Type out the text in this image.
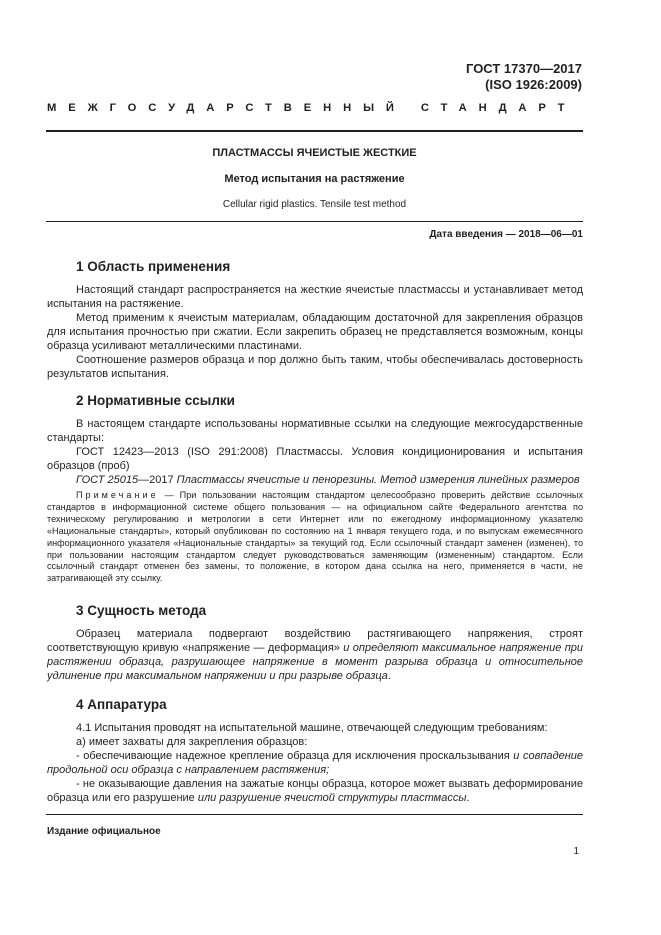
ГОСТ 17370—2017
(ISO 1926:2009)
МЕЖГОСУДАРСТВЕННЫЙ СТАНДАРТ
ПЛАСТМАССЫ ЯЧЕИСТЫЕ ЖЕСТКИЕ
Метод испытания на растяжение
Cellular rigid plastics. Tensile test method
Дата введения — 2018—06—01
1 Область применения

Настоящий стандарт распространяется на жесткие ячеистые пластмассы и устанавливает метод испытания на растяжение.

Метод применим к ячеистым материалам, обладающим достаточной для закрепления образцов для испытания прочностью при сжатии. Если закрепить образец не представляется возможным, концы образца усиливают металлическими пластинами.

Соотношение размеров образца и пор должно быть таким, чтобы обеспечивалась достоверность результатов испытания.

2 Нормативные ссылки

В настоящем стандарте использованы нормативные ссылки на следующие межгосударственные стандарты:

ГОСТ 12423—2013 (ISO 291:2008) Пластмассы. Условия кондиционирования и испытания образцов (проб)

ГОСТ 25015—2017 Пластмассы ячеистые и пенорезины. Метод измерения линейных размеров

Примечание — При пользовании настоящим стандартом целесообразно проверить действие ссылочных стандартов в информационной системе общего пользования — на официальном сайте Федерального агентства по техническому регулированию и метрологии в сети Интернет или по ежегодному информационному указателю «Национальные стандарты», который опубликован по состоянию на 1 января текущего года, и по выпускам ежемесячного информационного указателя «Национальные стандарты» за текущий год. Если ссылочный стандарт заменен (изменен), то при пользовании настоящим стандартом следует руководствоваться заменяющим (измененным) стандартом. Если ссылочный стандарт отменен без замены, то положение, в котором дана ссылка на него, применяется в части, не затрагивающей эту ссылку.

3 Сущность метода

Образец материала подвергают воздействию растягивающего напряжения, строят соответствующую кривую «напряжение — деформация» и определяют максимальное напряжение при растяжении образца, разрушающее напряжение в момент разрыва образца и относительное удлинение при максимальном напряжении и при разрыве образца.

4 Аппаратура

4.1 Испытания проводят на испытательной машине, отвечающей следующим требованиям:

а) имеет захваты для закрепления образцов:

- обеспечивающие надежное крепление образца для исключения проскальзывания и совпадение продольной оси образца с направлением растяжения;

- не оказывающие давления на зажатые концы образца, которое может вызвать деформирование образца или его разрушение или разрушение ячеистой структуры пластмассы.

Издание официальное
1
